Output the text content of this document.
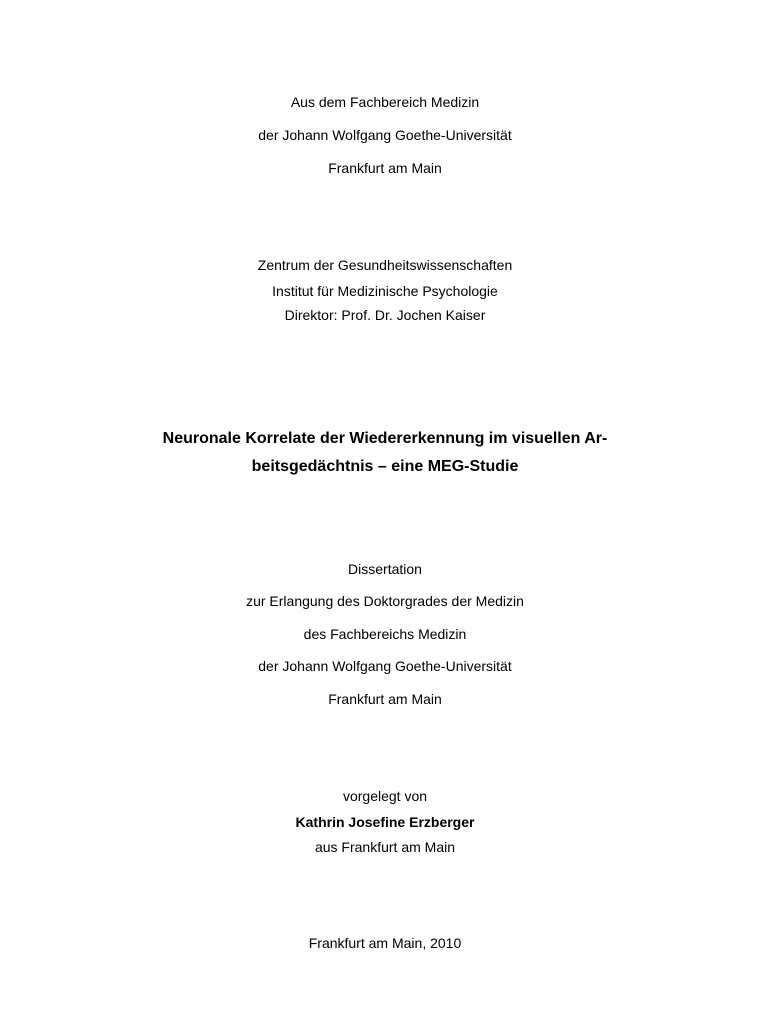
Aus dem Fachbereich Medizin
der Johann Wolfgang Goethe-Universität
Frankfurt am Main
Zentrum der Gesundheitswissenschaften
Institut für Medizinische Psychologie
Direktor: Prof. Dr. Jochen Kaiser
Neuronale Korrelate der Wiedererkennung im visuellen Ar-
beitsgedächtnis – eine MEG-Studie
Dissertation
zur Erlangung des Doktorgrades der Medizin
des Fachbereichs Medizin
der Johann Wolfgang Goethe-Universität
Frankfurt am Main
vorgelegt von
Kathrin Josefine Erzberger
aus Frankfurt am Main
Frankfurt am Main, 2010
